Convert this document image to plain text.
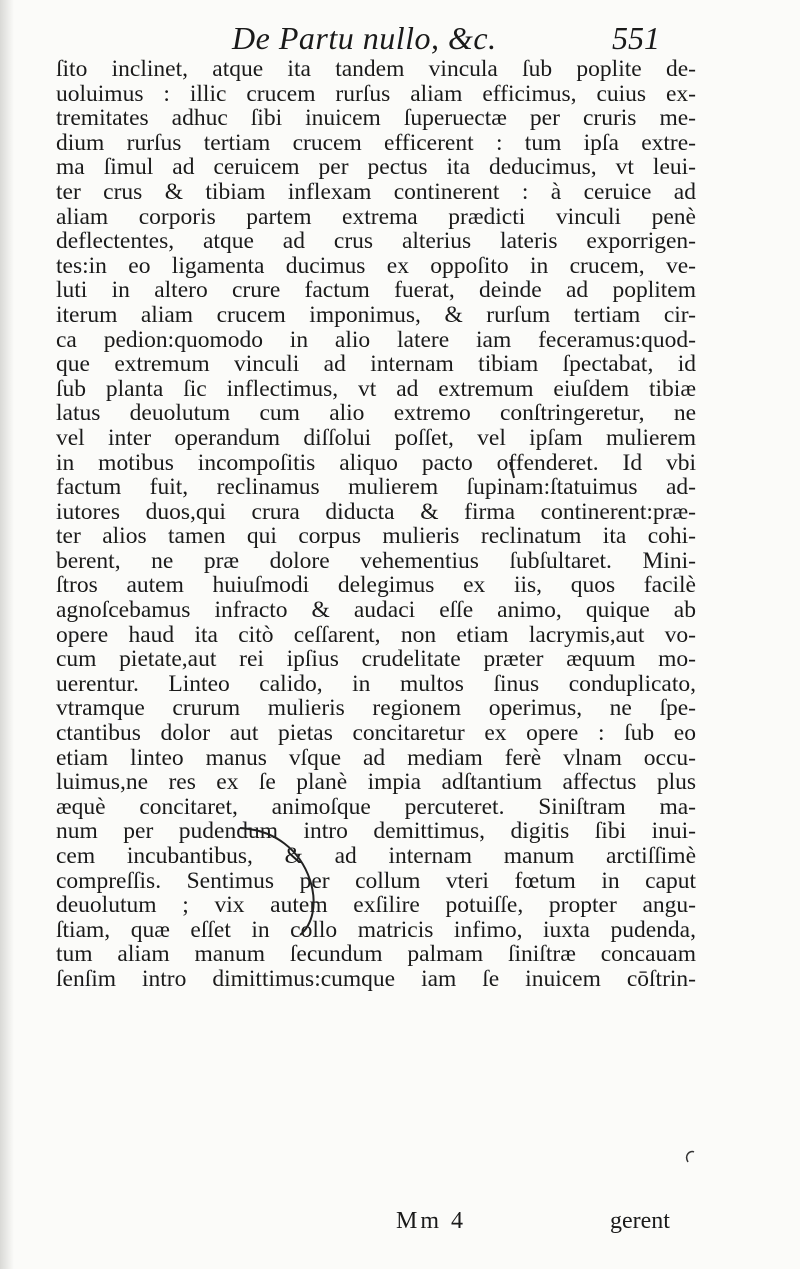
De Partu nullo, &c.	551
ſito inclinet, atque ita tandem vincula ſub poplite de-
uoluimus : illic crucem rurſus aliam efficimus, cuius ex-
tremitates adhuc ſibi inuicem ſuperuectæ per cruris me-
dium rurſus tertiam crucem efficerent : tum ipſa extre-
ma ſimul ad ceruicem per pectus ita deducimus, vt leui-
ter crus & tibiam inflexam continerent : à ceruice ad
aliam corporis partem extrema prædicti vinculi penè
deflectentes, atque ad crus alterius lateris exporrigen-
tes:in eo ligamenta ducimus ex oppoſito in crucem, ve-
luti in altero crure factum fuerat, deinde ad poplitem
iterum aliam crucem imponimus, & rurſum tertiam cir-
ca pedion:quomodo in alio latere iam feceramus:quod-
que extremum vinculi ad internam tibiam ſpectabat, id
ſub planta ſic inflectimus, vt ad extremum eiuſdem tibiæ
latus deuolutum cum alio extremo conſtringeretur, ne
vel inter operandum diſſolui poſſet, vel ipſam mulierem
in motibus incompoſitis aliquo pacto offenderet. Id vbi
factum fuit, reclinamus mulierem ſupinam:ſtatuimus ad-
iutores duos,qui crura diducta & firma continerent:præ-
ter alios tamen qui corpus mulieris reclinatum ita cohi-
berent, ne præ dolore vehementius ſubſultaret. Mini-
ſtros autem huiuſmodi delegimus ex iis, quos facilè
agnoſcebamus infracto & audaci eſſe animo, quique ab
opere haud ita citò ceſſarent, non etiam lacrymis,aut vo-
cum pietate,aut rei ipſius crudelitate præter æquum mo-
uerentur. Linteo calido, in multos ſinus conduplicato,
vtramque crurum mulieris regionem operimus, ne ſpe-
ctantibus dolor aut pietas concitaretur ex opere : ſub eo
etiam linteo manus vſque ad mediam ferè vlnam occu-
luimus,ne res ex ſe planè impia adſtantium affectus plus
æquè concitaret, animoſque percuteret. Siniſtram ma-
num per pudendum intro demittimus, digitis ſibi inui-
cem incubantibus, & ad internam manum arctiſſimè
compreſſis. Sentimus per collum vteri fœtum in caput
deuolutum ; vix autem exſilire potuiſſe, propter angu-
ſtiam, quæ eſſet in collo matricis infimo, iuxta pudenda,
tum aliam manum ſecundum palmam ſiniſtræ concauam
ſenſim intro dimittimus:cumque iam ſe inuicem cōſtrin-
Mm 4	gerent
